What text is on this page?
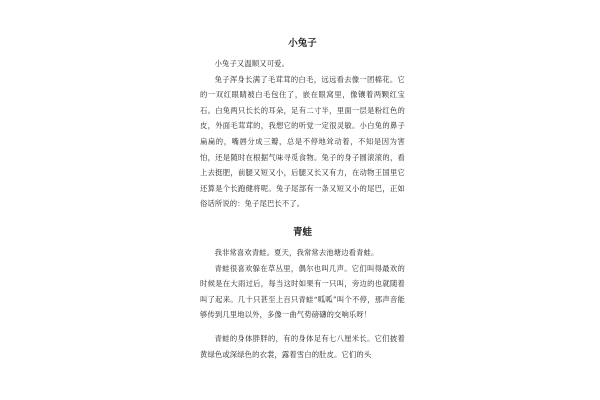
小兔子

小兔子又温顺又可爱。

兔子浑身长满了毛茸茸的白毛，远远看去像一团棉花。它的一双红眼睛被白毛包住了，嵌在眼窝里，像镶着两颗红宝石。白兔两只长长的耳朵，足有二寸半，里面一层是粉红色的皮，外面毛茸茸的，我想它的听觉一定很灵敏。小白兔的鼻子扁扁的，嘴唇分成三瓣，总是不停地耸动着，不知是因为害怕，还是随时在根据气味寻觅食物。兔子的身子圆滚滚的，看上去挺肥，前腿又短又小，后腿又长又有力，在动物王国里它还算是个长跑健将呢。兔子尾部有一条又短又小的尾巴，正如俗话所说的：兔子尾巴长不了。

青蛙

我非常喜欢青蛙。夏天，我常常去池塘边看青蛙。

青蛙很喜欢躲在草丛里，偶尔也叫几声。它们叫得最欢的时候是在大雨过后，每当这时如果有一只叫，旁边的也就随着叫了起来。几十只甚至上百只青蛙“呱呱”叫个不停，那声音能够传到几里地以外，多像一曲气势磅礴的交响乐呀！

青蛙的身体胖胖的，有的身体足有七八厘米长。它们披着黄绿色或深绿色的衣裳，露着雪白的肚皮。它们的头
